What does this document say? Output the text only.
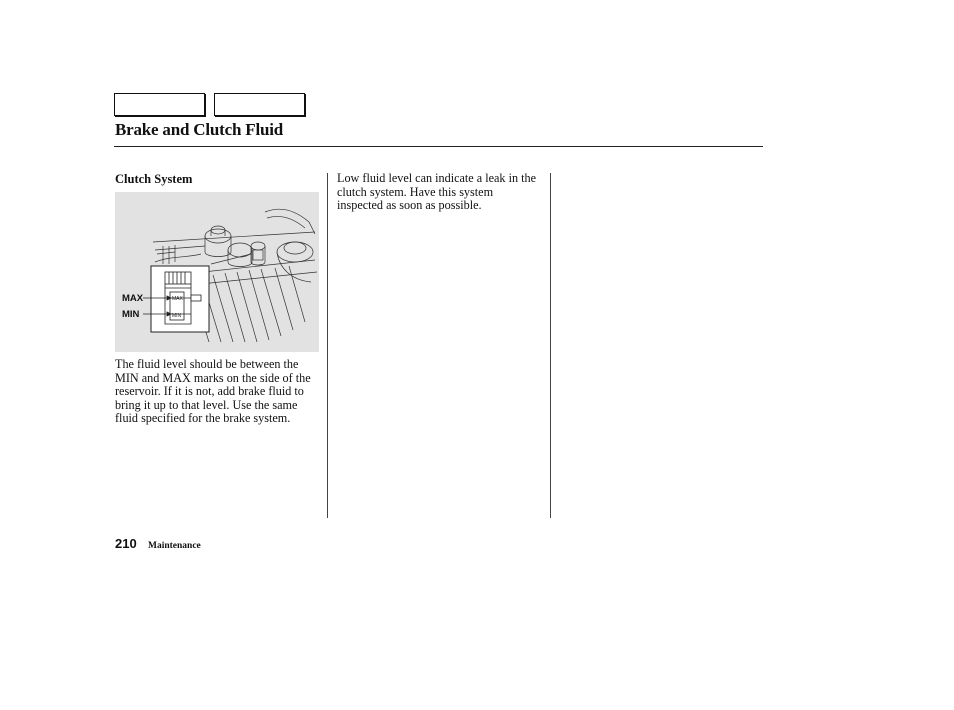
Brake and Clutch Fluid
Clutch System
MAX
MIN
MAX
MIN
The fluid level should be between the MIN and MAX marks on the side of the reservoir. If it is not, add brake fluid to bring it up to that level. Use the same fluid specified for the brake system.
Low fluid level can indicate a leak in the clutch system. Have this system inspected as soon as possible.
210 Maintenance
